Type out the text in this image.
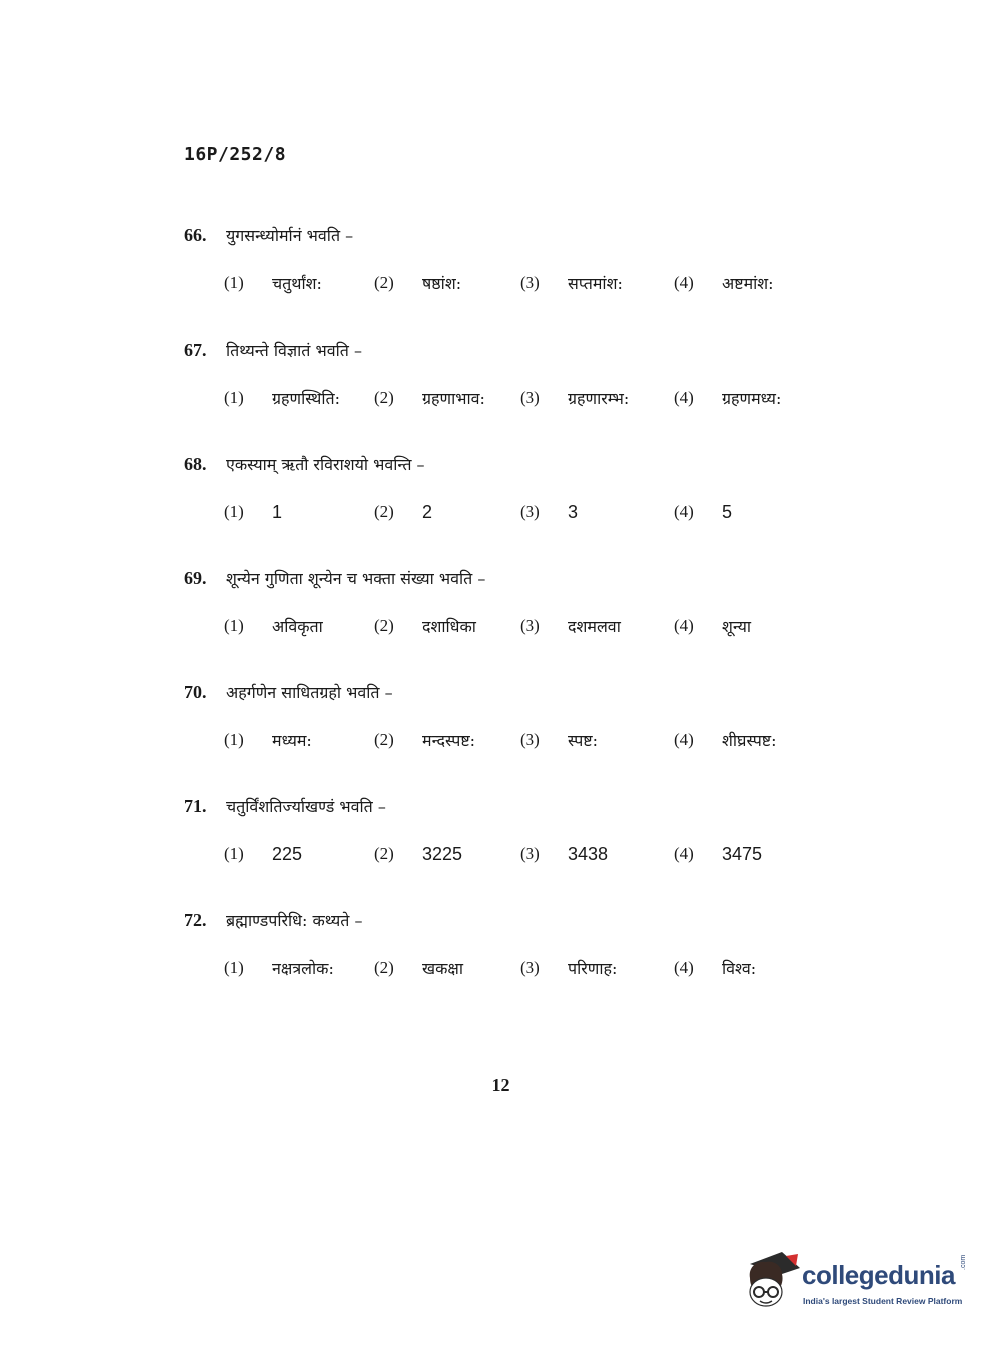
16P/252/8
66.	युगसन्ध्योर्मानं भवति –
(1)	चतुर्थांश:	(2)	षष्ठांश:	(3)	सप्तमांश:	(4)	अष्टमांश:
67.	तिथ्यन्ते विज्ञातं भवति –
(1)	ग्रहणस्थिति: (2)	ग्रहणाभाव: (3)	ग्रहणारम्भ:	(4)	ग्रहणमध्य:
68.	एकस्याम् ऋतौ रविराशयो भवन्ति –
(1)	1	(2)	2	(3)	3	(4)	5
69.	शून्येन गुणिता शून्येन च भक्ता संख्या भवति –
(1)	अविकृता	(2)	दशाधिका	(3)	दशमलवा	(4)	शून्या
70.	अहर्गणेन साधितग्रहो भवति –
(1)	मध्यम:	(2)	मन्दस्पष्ट:	(3)	स्पष्ट:	(4)	शीघ्रस्पष्ट:
71.	चतुर्विंशतिर्ज्याखण्डं भवति –
(1)	225	(2)	3225	(3)	3438	(4)	3475
72.	ब्रह्माण्डपरिधि: कथ्यते –
(1)	नक्षत्रलोक: (2)	खकक्षा	(3)	परिणाह:	(4)	विश्व:
12
collegedunia .com
India's largest Student Review Platform
